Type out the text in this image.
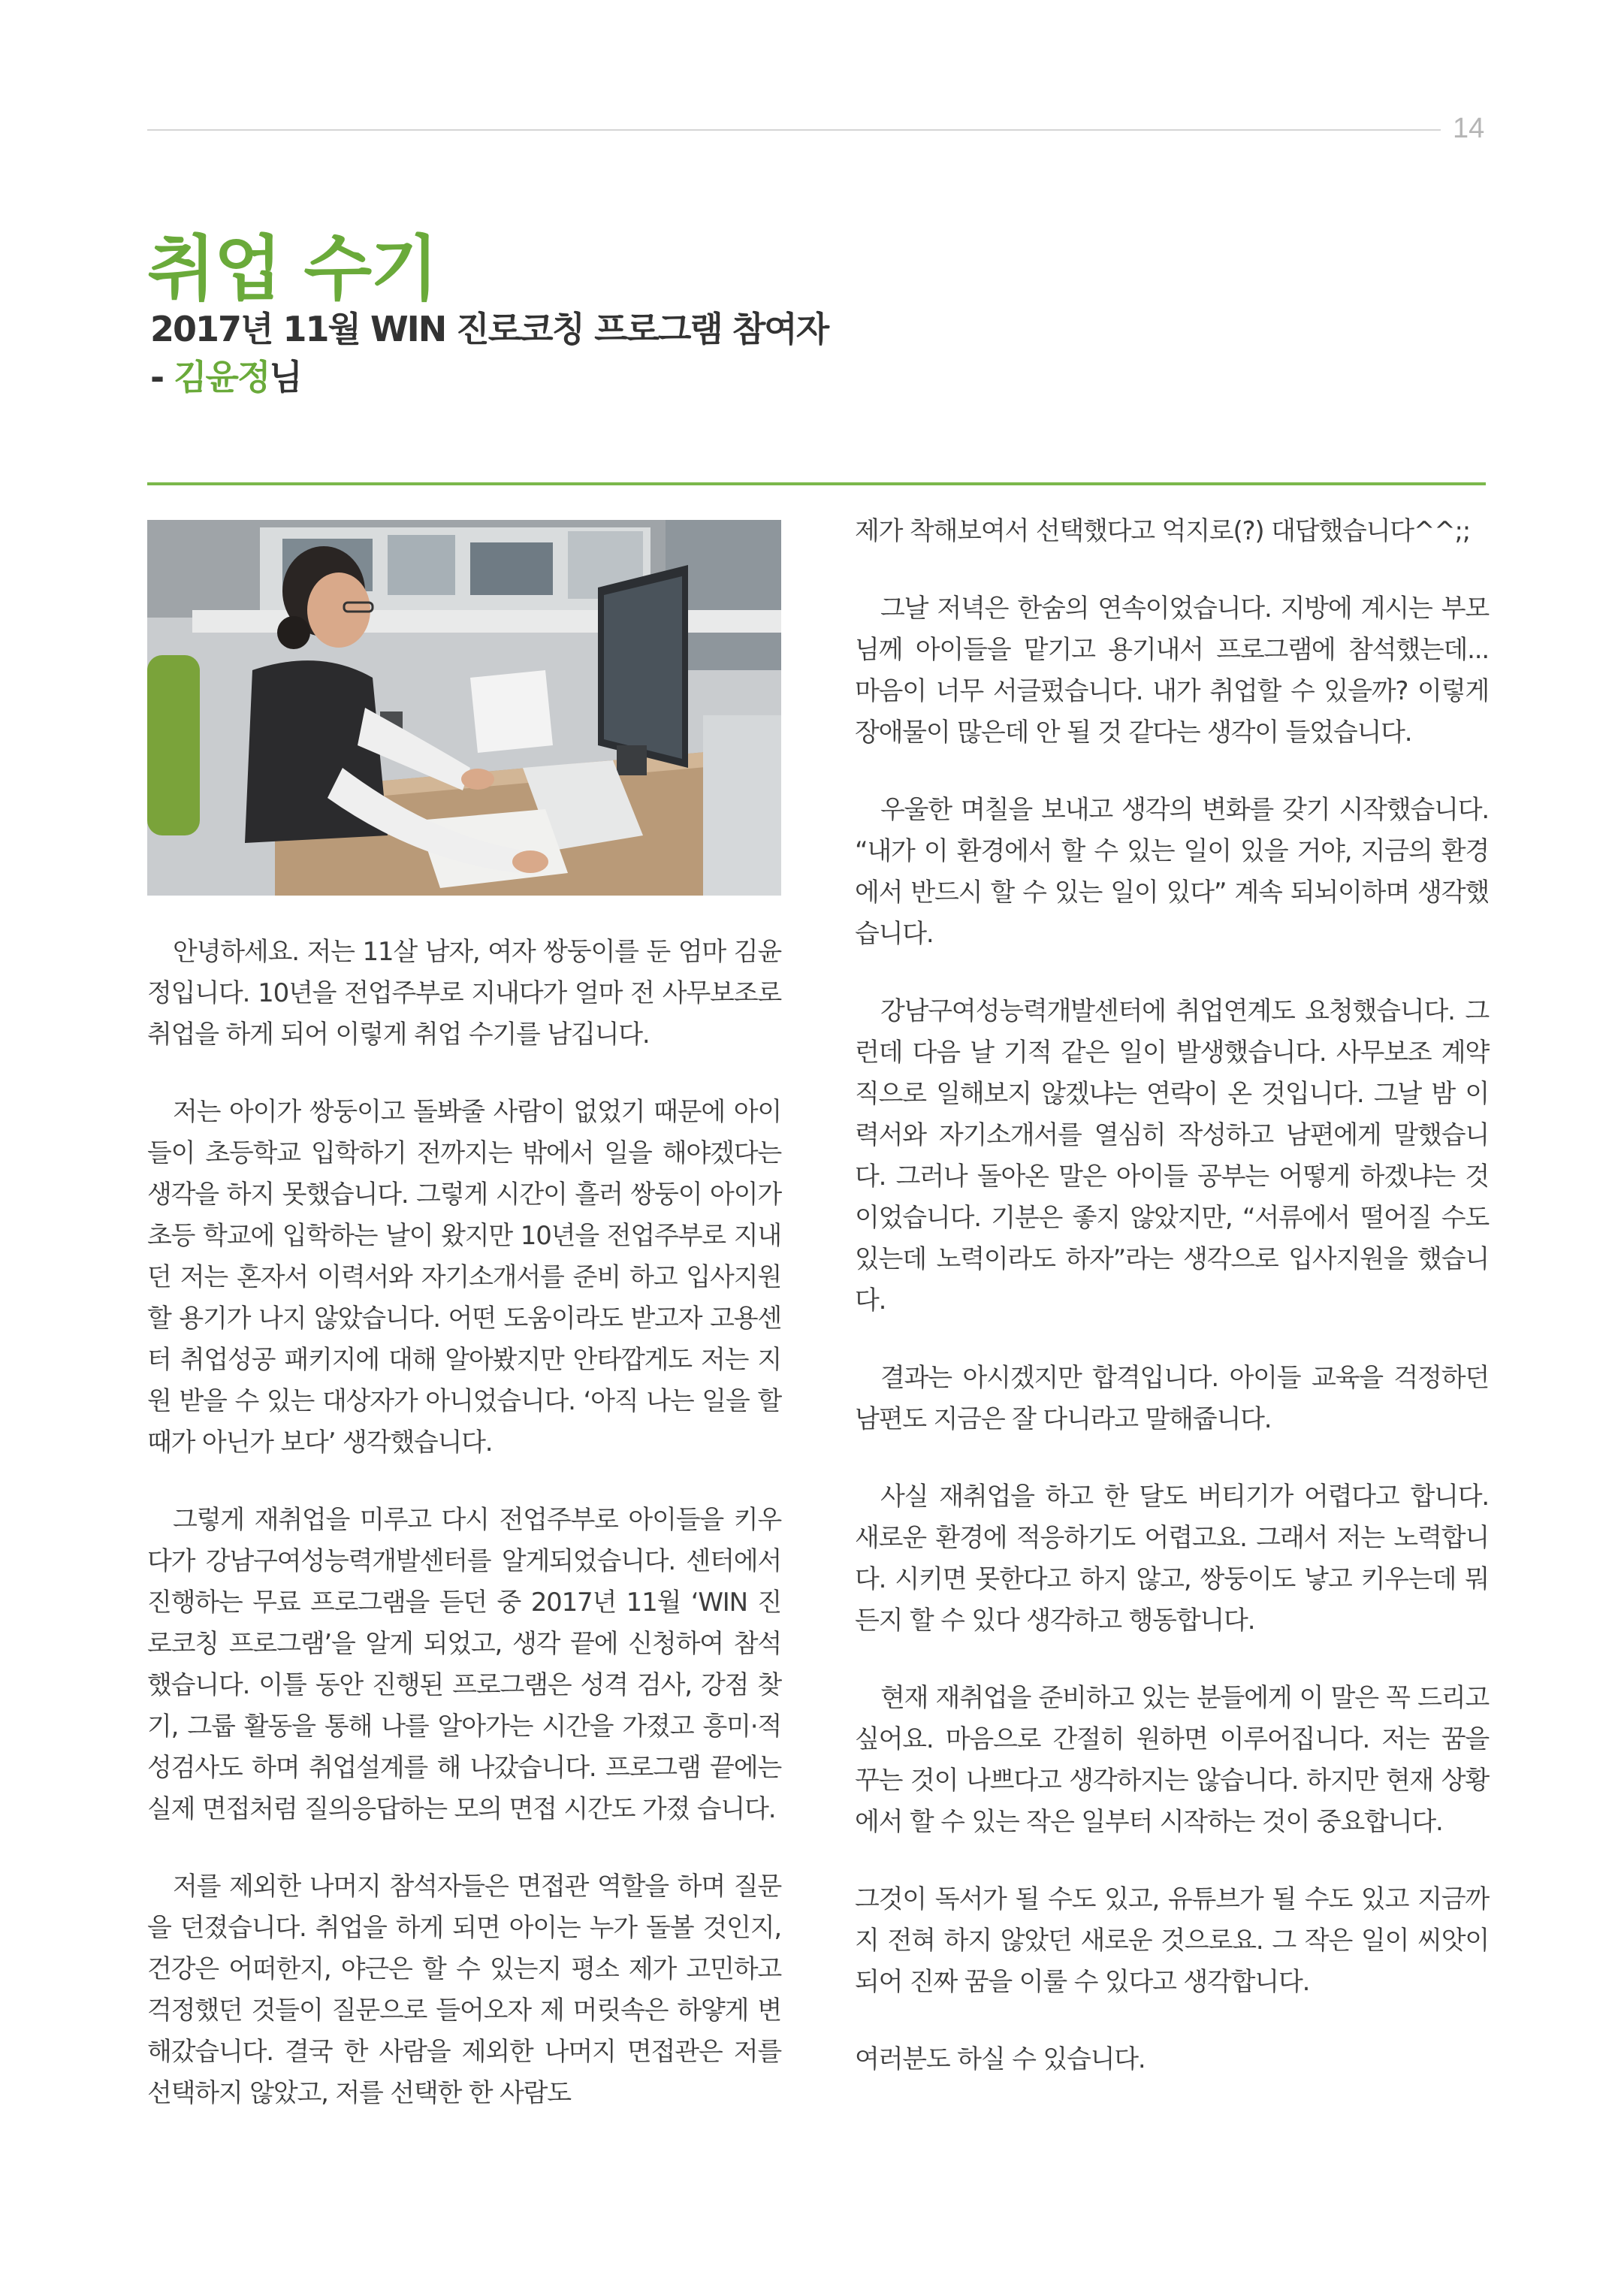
14
취업 수기
2017년 11월 WIN 진로코칭 프로그램 참여자
- 김윤정님

안녕하세요. 저는 11살 남자, 여자 쌍둥이를 둔 엄마 김윤정입니다. 10년을 전업주부로 지내다가 얼마 전 사무보조로 취업을 하게 되어 이렇게 취업 수기를 남깁니다.

저는 아이가 쌍둥이고 돌봐줄 사람이 없었기 때문에 아이들이 초등학교 입학하기 전까지는 밖에서 일을 해야겠다는 생각을 하지 못했습니다. 그렇게 시간이 흘러 쌍둥이 아이가 초등 학교에 입학하는 날이 왔지만 10년을 전업주부로 지내던 저는 혼자서 이력서와 자기소개서를 준비 하고 입사지원 할 용기가 나지 않았습니다. 어떤 도움이라도 받고자 고용센터 취업성공 패키지에 대해 알아봤지만 안타깝게도 저는 지원 받을 수 있는 대상자가 아니었습니다. ‘아직 나는 일을 할 때가 아닌가 보다’ 생각했습니다.

그렇게 재취업을 미루고 다시 전업주부로 아이들을 키우다가 강남구여성능력개발센터를 알게되었습니다. 센터에서 진행하는 무료 프로그램을 듣던 중 2017년 11월 ‘WIN 진로코칭 프로그램’을 알게 되었고, 생각 끝에 신청하여 참석했습니다. 이틀 동안 진행된 프로그램은 성격 검사, 강점 찾기, 그룹 활동을 통해 나를 알아가는 시간을 가졌고 흥미·적성검사도 하며 취업설계를 해 나갔습니다. 프로그램 끝에는 실제 면접처럼 질의응답하는 모의 면접 시간도 가졌 습니다.

저를 제외한 나머지 참석자들은 면접관 역할을 하며 질문을 던졌습니다. 취업을 하게 되면 아이는 누가 돌볼 것인지, 건강은 어떠한지, 야근은 할 수 있는지 평소 제가 고민하고 걱정했던 것들이 질문으로 들어오자 제 머릿속은 하얗게 변해갔습니다. 결국 한 사람을 제외한 나머지 면접관은 저를 선택하지 않았고, 저를 선택한 한 사람도

제가 착해보여서 선택했다고 억지로(?) 대답했습니다^^;;

그날 저녁은 한숨의 연속이었습니다. 지방에 계시는 부모님께 아이들을 맡기고 용기내서 프로그램에 참석했는데... 마음이 너무 서글펐습니다. 내가 취업할 수 있을까? 이렇게 장애물이 많은데 안 될 것 같다는 생각이 들었습니다.

우울한 며칠을 보내고 생각의 변화를 갖기 시작했습니다. “내가 이 환경에서 할 수 있는 일이 있을 거야, 지금의 환경에서 반드시 할 수 있는 일이 있다” 계속 되뇌이하며 생각했습니다.

강남구여성능력개발센터에 취업연계도 요청했습니다. 그런데 다음 날 기적 같은 일이 발생했습니다. 사무보조 계약 직으로 일해보지 않겠냐는 연락이 온 것입니다. 그날 밤 이력서와 자기소개서를 열심히 작성하고 남편에게 말했습니다. 그러나 돌아온 말은 아이들 공부는 어떻게 하겠냐는 것이었습니다. 기분은 좋지 않았지만, “서류에서 떨어질 수도 있는데 노력이라도 하자”라는 생각으로 입사지원을 했습니다.

결과는 아시겠지만 합격입니다. 아이들 교육을 걱정하던 남편도 지금은 잘 다니라고 말해줍니다.

사실 재취업을 하고 한 달도 버티기가 어렵다고 합니다. 새로운 환경에 적응하기도 어렵고요. 그래서 저는 노력합니다. 시키면 못한다고 하지 않고, 쌍둥이도 낳고 키우는데 뭐든지 할 수 있다 생각하고 행동합니다.

현재 재취업을 준비하고 있는 분들에게 이 말은 꼭 드리고 싶어요. 마음으로 간절히 원하면 이루어집니다. 저는 꿈을 꾸는 것이 나쁘다고 생각하지는 않습니다. 하지만 현재 상황에서 할 수 있는 작은 일부터 시작하는 것이 중요합니다.

그것이 독서가 될 수도 있고, 유튜브가 될 수도 있고 지금까지 전혀 하지 않았던 새로운 것으로요. 그 작은 일이 씨앗이 되어 진짜 꿈을 이룰 수 있다고 생각합니다.

여러분도 하실 수 있습니다.
